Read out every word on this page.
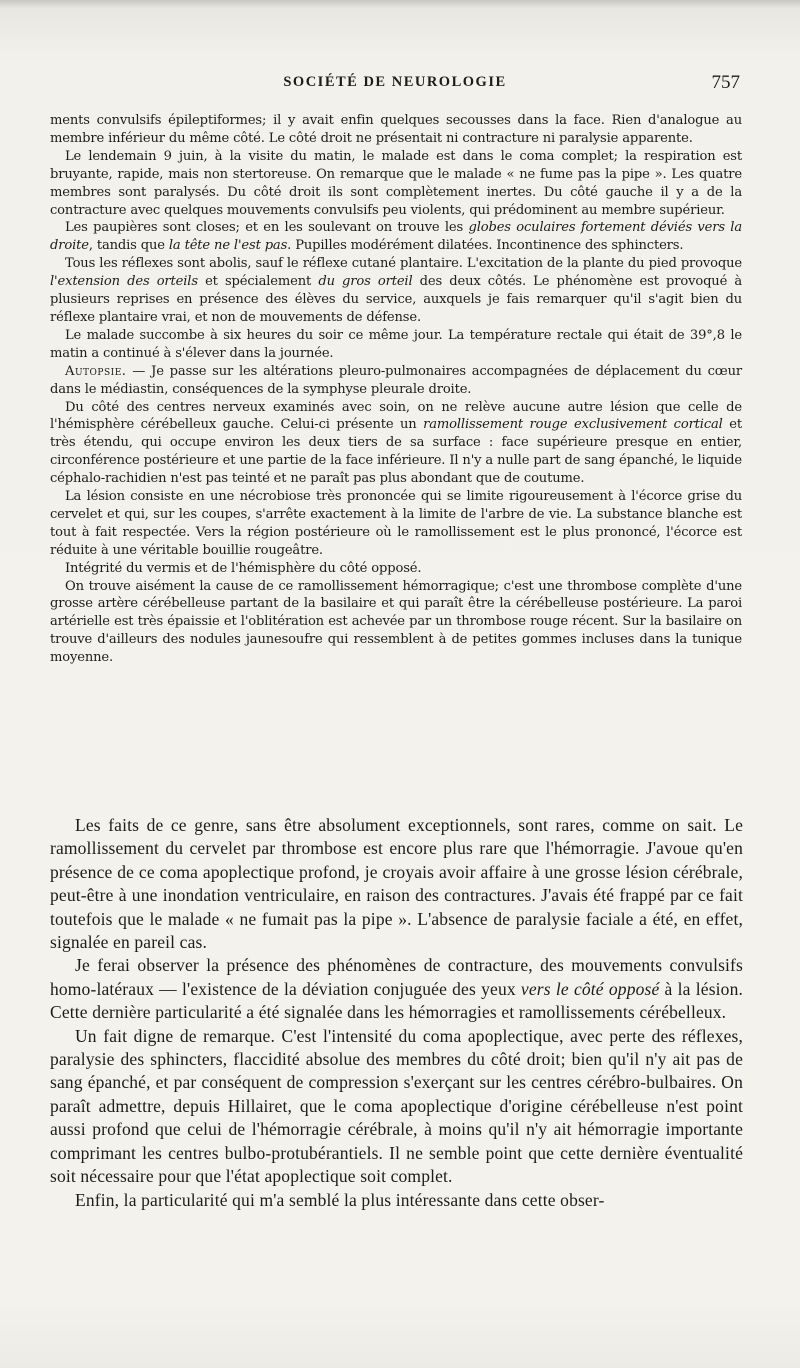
SOCIÉTÉ DE NEUROLOGIE	757

ments convulsifs épileptiformes; il y avait enfin quelques secousses dans la face. Rien d'analogue au membre inférieur du même côté. Le côté droit ne présentait ni contracture ni paralysie apparente.

Le lendemain 9 juin, à la visite du matin, le malade est dans le coma complet; la respiration est bruyante, rapide, mais non stertoreuse. On remarque que le malade « ne fume pas la pipe ». Les quatre membres sont paralysés. Du côté droit ils sont complètement inertes. Du côté gauche il y a de la contracture avec quelques mouvements convulsifs peu violents, qui prédominent au membre supérieur.

Les paupières sont closes; et en les soulevant on trouve les globes oculaires fortement déviés vers la droite, tandis que la tête ne l'est pas. Pupilles modérément dilatées. Incontinence des sphincters.

Tous les réflexes sont abolis, sauf le réflexe cutané plantaire. L'excitation de la plante du pied provoque l'extension des orteils et spécialement du gros orteil des deux côtés. Le phénomène est provoqué à plusieurs reprises en présence des élèves du service, auxquels je fais remarquer qu'il s'agit bien du réflexe plantaire vrai, et non de mouvements de défense.

Le malade succombe à six heures du soir ce même jour. La température rectale qui était de 39°,8 le matin a continué à s'élever dans la journée.

Autopsie. — Je passe sur les altérations pleuro-pulmonaires accompagnées de déplacement du cœur dans le médiastin, conséquences de la symphyse pleurale droite.

Du côté des centres nerveux examinés avec soin, on ne relève aucune autre lésion que celle de l'hémisphère cérébelleux gauche. Celui-ci présente un ramollissement rouge exclusivement cortical et très étendu, qui occupe environ les deux tiers de sa surface : face supérieure presque en entier, circonférence postérieure et une partie de la face inférieure. Il n'y a nulle part de sang épanché, le liquide céphalo-rachidien n'est pas teinté et ne paraît pas plus abondant que de coutume.

La lésion consiste en une nécrobiose très prononcée qui se limite rigoureusement à l'écorce grise du cervelet et qui, sur les coupes, s'arrête exactement à la limite de l'arbre de vie. La substance blanche est tout à fait respectée. Vers la région postérieure où le ramollissement est le plus prononcé, l'écorce est réduite à une véritable bouillie rougeâtre.

Intégrité du vermis et de l'hémisphère du côté opposé.

On trouve aisément la cause de ce ramollissement hémorragique; c'est une thrombose complète d'une grosse artère cérébelleuse partant de la basilaire et qui paraît être la cérébelleuse postérieure. La paroi artérielle est très épaissie et l'oblitération est achevée par un thrombose rouge récent. Sur la basilaire on trouve d'ailleurs des nodules jaunesoufre qui ressemblent à de petites gommes incluses dans la tunique moyenne.

Les faits de ce genre, sans être absolument exceptionnels, sont rares, comme on sait. Le ramollissement du cervelet par thrombose est encore plus rare que l'hémorragie. J'avoue qu'en présence de ce coma apoplectique profond, je croyais avoir affaire à une grosse lésion cérébrale, peut-être à une inondation ventriculaire, en raison des contractures. J'avais été frappé par ce fait toutefois que le malade « ne fumait pas la pipe ». L'absence de paralysie faciale a été, en effet, signalée en pareil cas.

Je ferai observer la présence des phénomènes de contracture, des mouvements convulsifs homo-latéraux — l'existence de la déviation conjuguée des yeux vers le côté opposé à la lésion. Cette dernière particularité a été signalée dans les hémorragies et ramollissements cérébelleux.

Un fait digne de remarque. C'est l'intensité du coma apoplectique, avec perte des réflexes, paralysie des sphincters, flaccidité absolue des membres du côté droit; bien qu'il n'y ait pas de sang épanché, et par conséquent de compression s'exerçant sur les centres cérébro-bulbaires. On paraît admettre, depuis Hillairet, que le coma apoplectique d'origine cérébelleuse n'est point aussi profond que celui de l'hémorragie cérébrale, à moins qu'il n'y ait hémorragie importante comprimant les centres bulbo-protubérantiels. Il ne semble point que cette dernière éventualité soit nécessaire pour que l'état apoplectique soit complet.

Enfin, la particularité qui m'a semblé la plus intéressante dans cette obser-
